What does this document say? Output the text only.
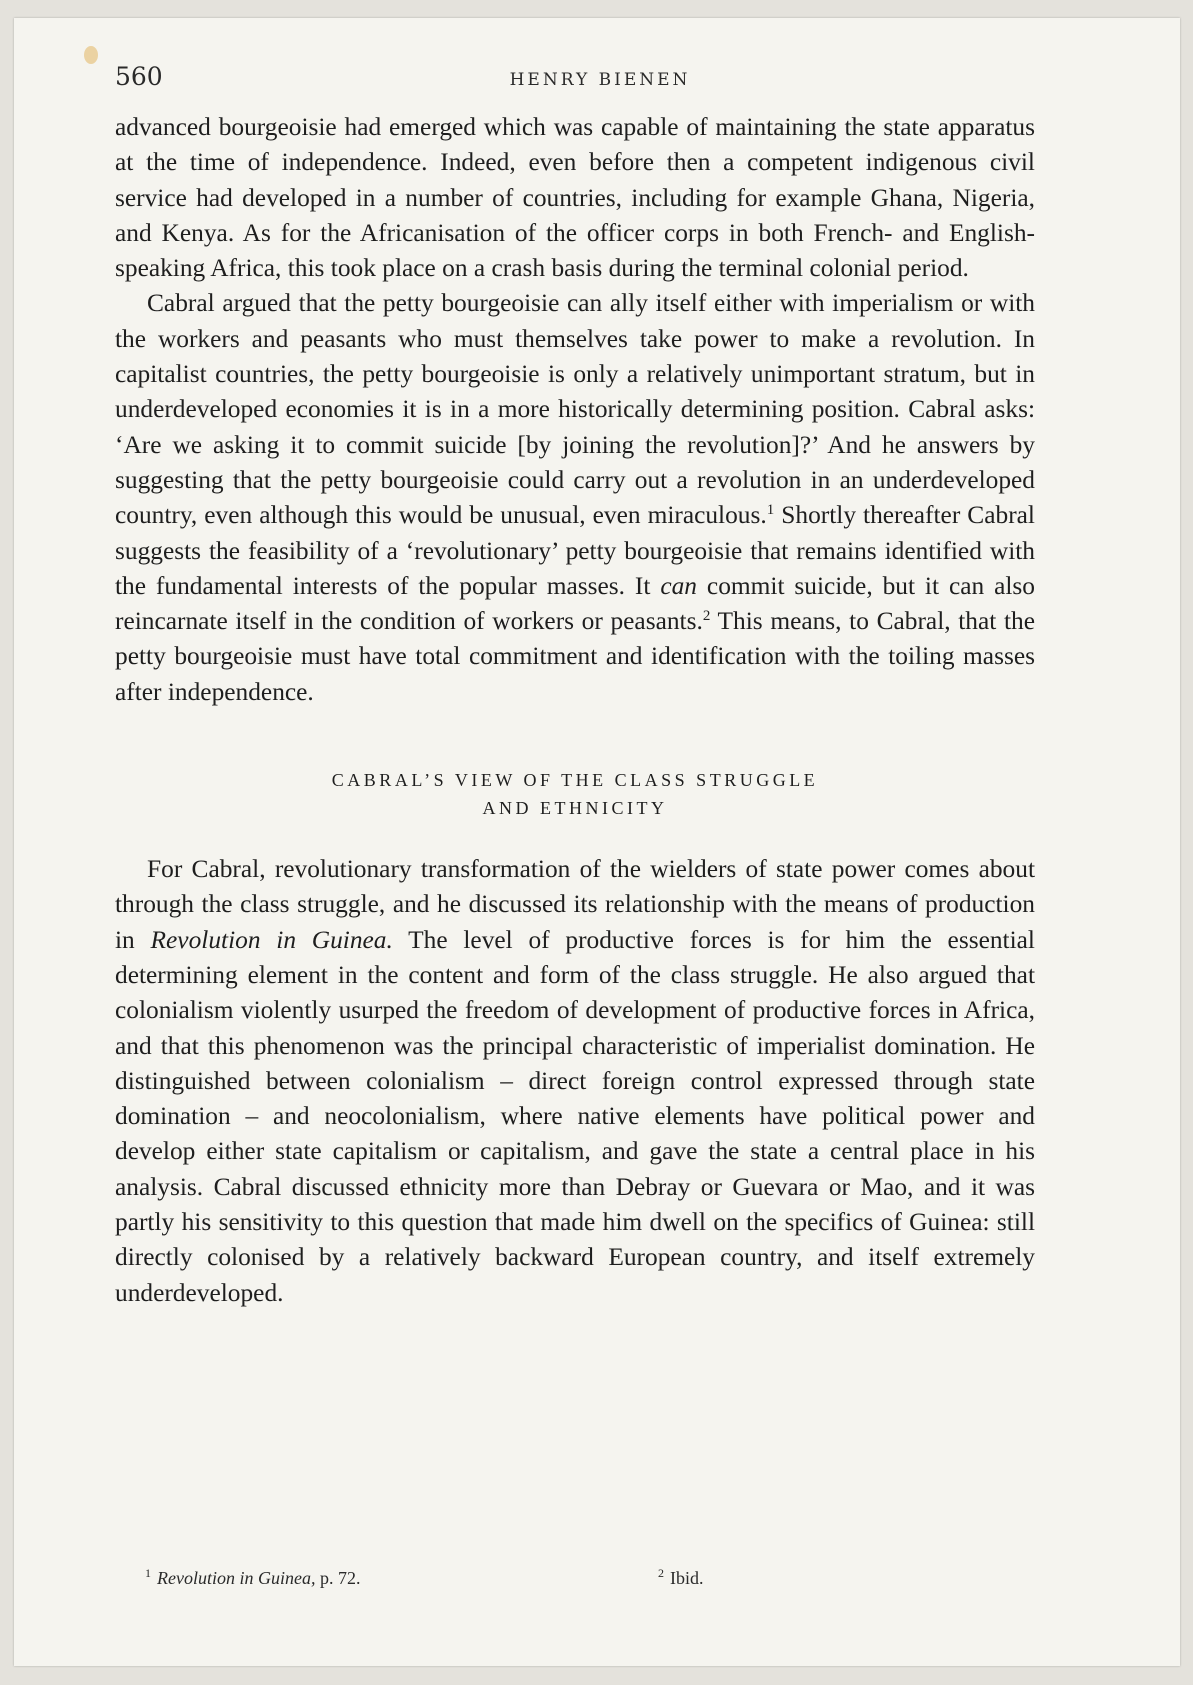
560	HENRY BIENEN

advanced bourgeoisie had emerged which was capable of maintaining the state apparatus at the time of independence. Indeed, even before then a competent indigenous civil service had developed in a number of countries, including for example Ghana, Nigeria, and Kenya. As for the Africanisation of the officer corps in both French- and English-speaking Africa, this took place on a crash basis during the terminal colonial period.

Cabral argued that the petty bourgeoisie can ally itself either with imperialism or with the workers and peasants who must themselves take power to make a revolution. In capitalist countries, the petty bourgeoisie is only a relatively unimportant stratum, but in underdeveloped economies it is in a more historically determining position. Cabral asks: ‘Are we asking it to commit suicide [by joining the revolution]?’ And he answers by suggesting that the petty bourgeoisie could carry out a revolution in an underdeveloped country, even although this would be unusual, even miraculous.$^1$ Shortly thereafter Cabral suggests the feasibility of a ‘revolutionary’ petty bourgeoisie that remains identified with the fundamental interests of the popular masses. It can commit suicide, but it can also reincarnate itself in the condition of workers or peasants.$^2$ This means, to Cabral, that the petty bourgeoisie must have total commitment and identification with the toiling masses after independence.

CABRAL’S VIEW OF THE CLASS STRUGGLE
AND ETHNICITY

For Cabral, revolutionary transformation of the wielders of state power comes about through the class struggle, and he discussed its relationship with the means of production in Revolution in Guinea. The level of productive forces is for him the essential determining element in the content and form of the class struggle. He also argued that colonialism violently usurped the freedom of development of productive forces in Africa, and that this phenomenon was the principal characteristic of imperialist domination. He distinguished between colonialism – direct foreign control expressed through state domination – and neocolonialism, where native elements have political power and develop either state capitalism or capitalism, and gave the state a central place in his analysis. Cabral discussed ethnicity more than Debray or Guevara or Mao, and it was partly his sensitivity to this question that made him dwell on the specifics of Guinea: still directly colonised by a relatively backward European country, and itself extremely underdeveloped.

$^1$ Revolution in Guinea, p. 72.	$^2$ Ibid.
